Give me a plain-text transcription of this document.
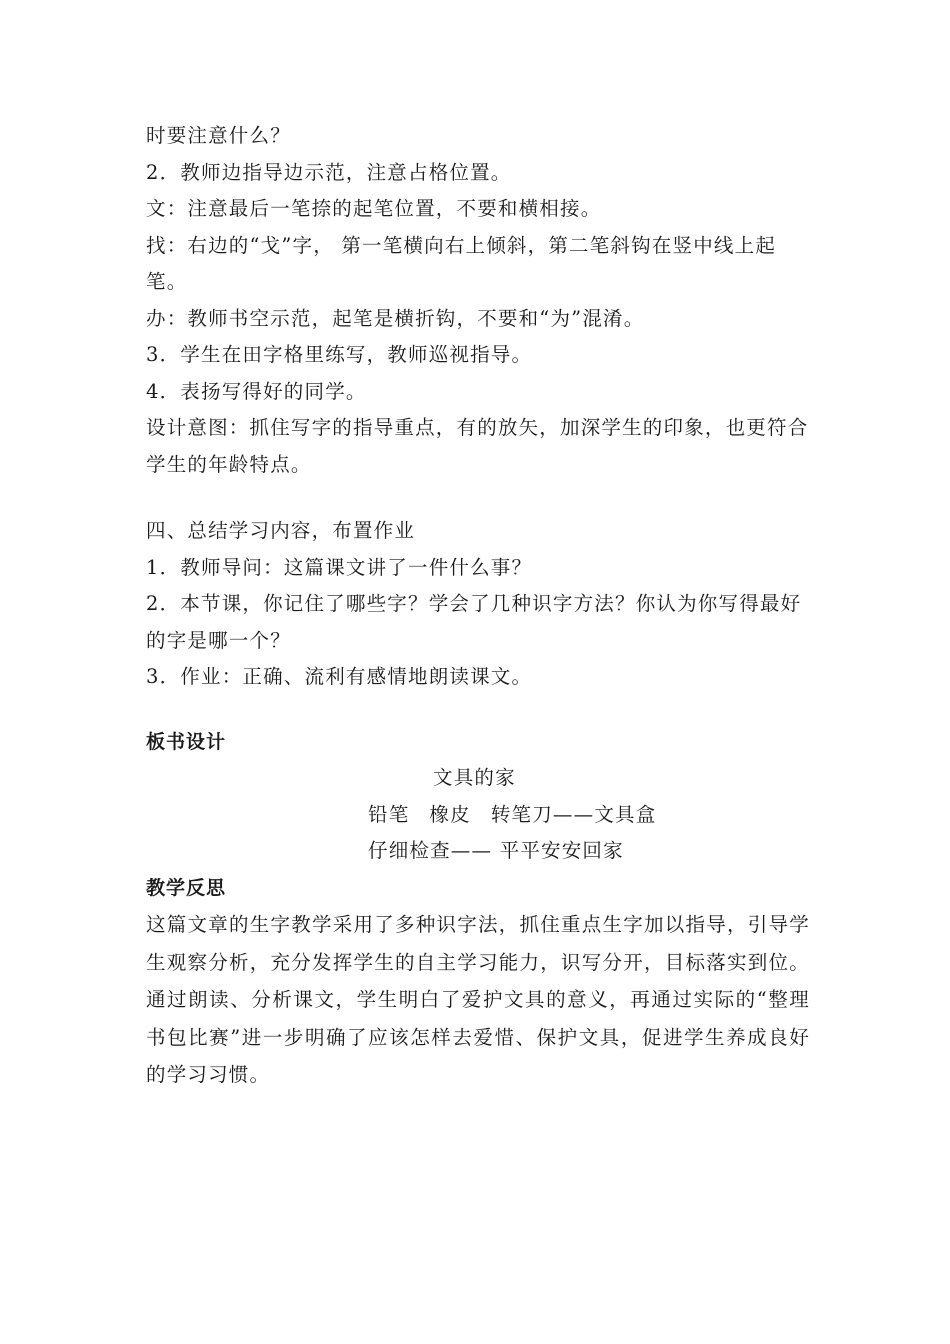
时要注意什么？
2．教师边指导边示范，注意占格位置。
文：注意最后一笔捺的起笔位置，不要和横相接。
找：右边的“戈”字， 第一笔横向右上倾斜，第二笔斜钩在竖中线上起笔。
办：教师书空示范，起笔是横折钩，不要和“为”混淆。
3．学生在田字格里练写，教师巡视指导。
4．表扬写得好的同学。
设计意图：抓住写字的指导重点，有的放矢，加深学生的印象，也更符合学生的年龄特点。
四、总结学习内容，布置作业
1．教师导问：这篇课文讲了一件什么事？
2．本节课，你记住了哪些字？学会了几种识字方法？你认为你写得最好的字是哪一个？
3．作业：正确、流利有感情地朗读课文。
板书设计
文具的家
铅笔 橡皮 转笔刀——文具盒
仔细检查—— 平平安安回家
教学反思
这篇文章的生字教学采用了多种识字法，抓住重点生字加以指导，引导学生观察分析，充分发挥学生的自主学习能力，识写分开，目标落实到位。通过朗读、分析课文，学生明白了爱护文具的意义，再通过实际的“整理书包比赛”进一步明确了应该怎样去爱惜、保护文具，促进学生养成良好的学习习惯。
